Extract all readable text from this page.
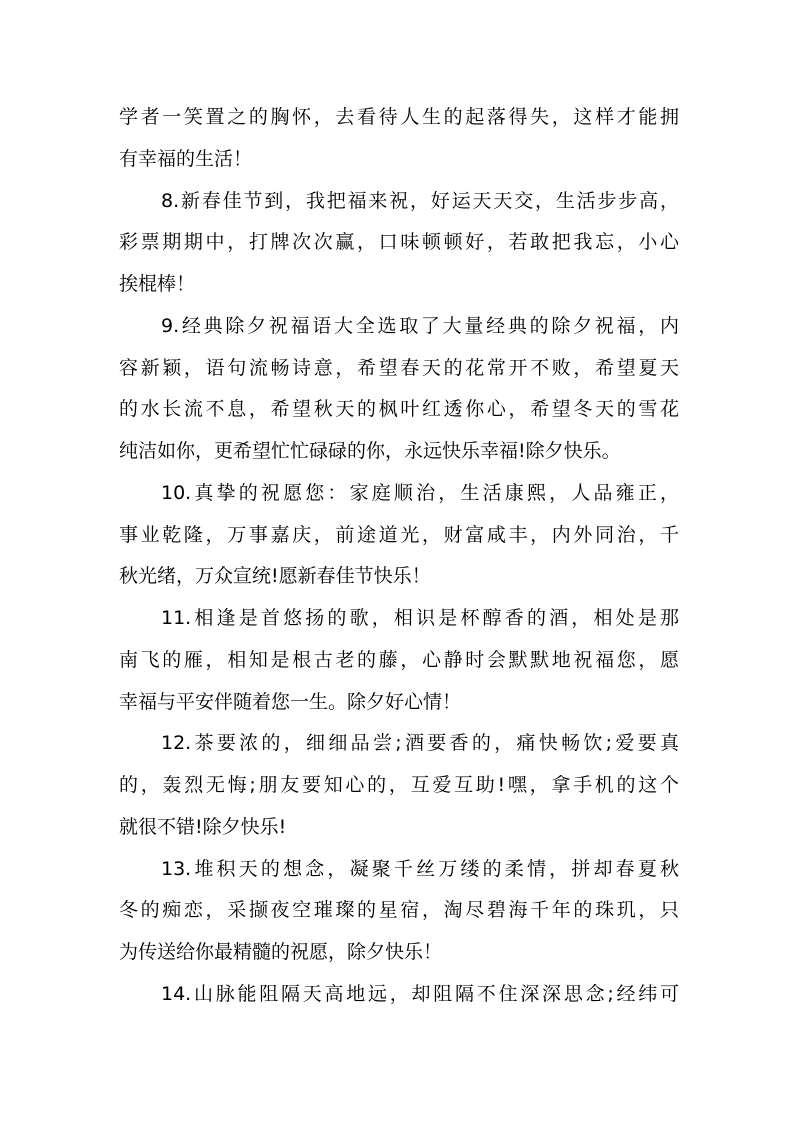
学者一笑置之的胸怀，去看待人生的起落得失，这样才能拥
有幸福的生活！
8.新春佳节到，我把福来祝，好运天天交，生活步步高，
彩票期期中，打牌次次赢，口味顿顿好，若敢把我忘，小心
挨棍棒！
9.经典除夕祝福语大全选取了大量经典的除夕祝福，内
容新颖，语句流畅诗意，希望春天的花常开不败，希望夏天
的水长流不息，希望秋天的枫叶红透你心，希望冬天的雪花
纯洁如你，更希望忙忙碌碌的你，永远快乐幸福!除夕快乐。
10.真挚的祝愿您：家庭顺治，生活康熙，人品雍正，
事业乾隆，万事嘉庆，前途道光，财富咸丰，内外同治，千
秋光绪，万众宣统!愿新春佳节快乐！
11.相逢是首悠扬的歌，相识是杯醇香的酒，相处是那
南飞的雁，相知是根古老的藤，心静时会默默地祝福您，愿
幸福与平安伴随着您一生。除夕好心情！
12.茶要浓的，细细品尝;酒要香的，痛快畅饮;爱要真
的，轰烈无悔;朋友要知心的，互爱互助!嘿，拿手机的这个
就很不错!除夕快乐!
13.堆积天的想念，凝聚千丝万缕的柔情，拼却春夏秋
冬的痴恋，采撷夜空璀璨的星宿，淘尽碧海千年的珠玑，只
为传送给你最精髓的祝愿，除夕快乐！
14.山脉能阻隔天高地远，却阻隔不住深深思念;经纬可
